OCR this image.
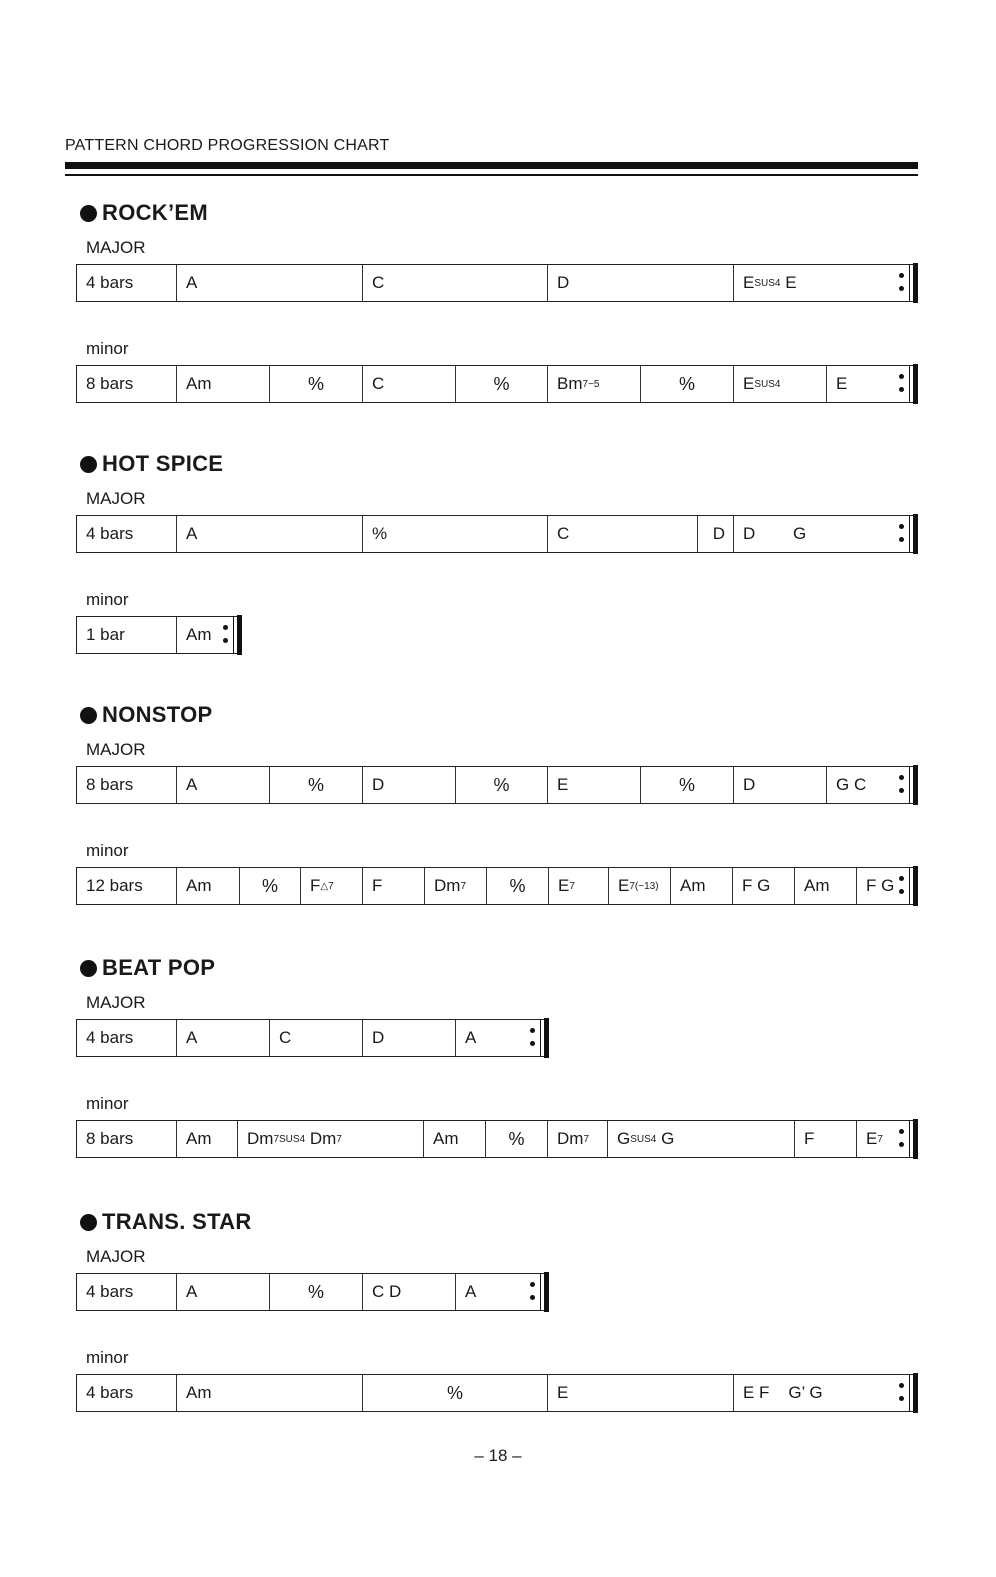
PATTERN CHORD PROGRESSION CHART
ROCK’EM
MAJOR
4 bars	A	C	D	E SUS4 E
minor
8 bars	Am	%	C	%	Bm 7 −5	%	E SUS4	E
HOT SPICE
MAJOR
4 bars	A	%	C	D	D        G
minor
1 bar	Am
NONSTOP
MAJOR
8 bars	A	%	D	%	E	%	D	G C
minor
12 bars	Am	%	F △7	F	Dm 7	%	E 7	E 7 (−13)	Am	F G	Am	F G
BEAT POP
MAJOR
4 bars	A	C	D	A
minor
8 bars	Am	Dm 7SUS4 Dm 7	Am	%	Dm 7	G SUS4 G	F	E 7
TRANS. STAR
MAJOR
4 bars	A	%	C D	A
minor
4 bars	Am	%	E	E F    G’ G
– 18 –
